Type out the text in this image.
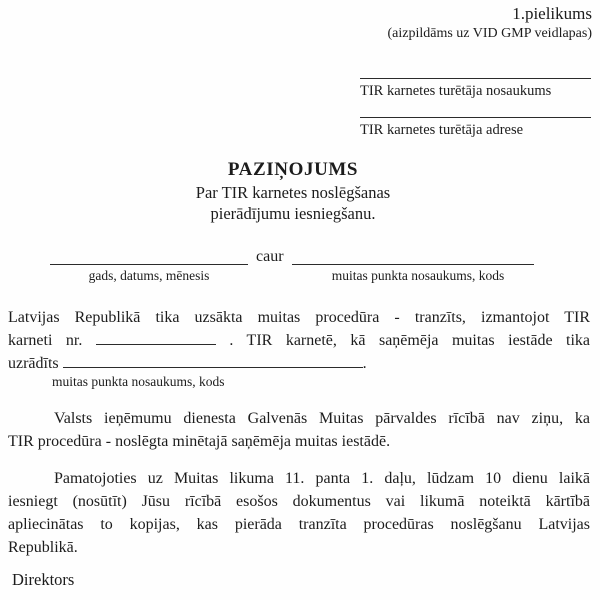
1.pielikums
(aizpildāms uz VID GMP veidlapas)
TIR karnetes turētāja nosaukums
TIR karnetes turētāja adrese
PAZIŅOJUMS
Par TIR karnetes noslēgšanas
pierādījumu iesniegšanu.
caur
gads, datums, mēnesis	muitas punkta nosaukums, kods
Latvijas Republikā tika uzsākta muitas procedūra - tranzīts, izmantojot TIR
karneti nr.	. TIR karnetē, kā saņēmēja muitas iestāde tika
uzrādīts	.
muitas punkta nosaukums, kods
Valsts ieņēmumu dienesta Galvenās Muitas pārvaldes rīcībā nav ziņu, ka
TIR procedūra - noslēgta minētajā saņēmēja muitas iestādē.
Pamatojoties uz Muitas likuma 11. panta 1. daļu, lūdzam 10 dienu laikā
iesniegt (nosūtīt) Jūsu rīcībā esošos dokumentus vai likumā noteiktā kārtībā
apliecinātas to kopijas, kas pierāda tranzīta procedūras noslēgšanu Latvijas
Republikā.
Direktors
